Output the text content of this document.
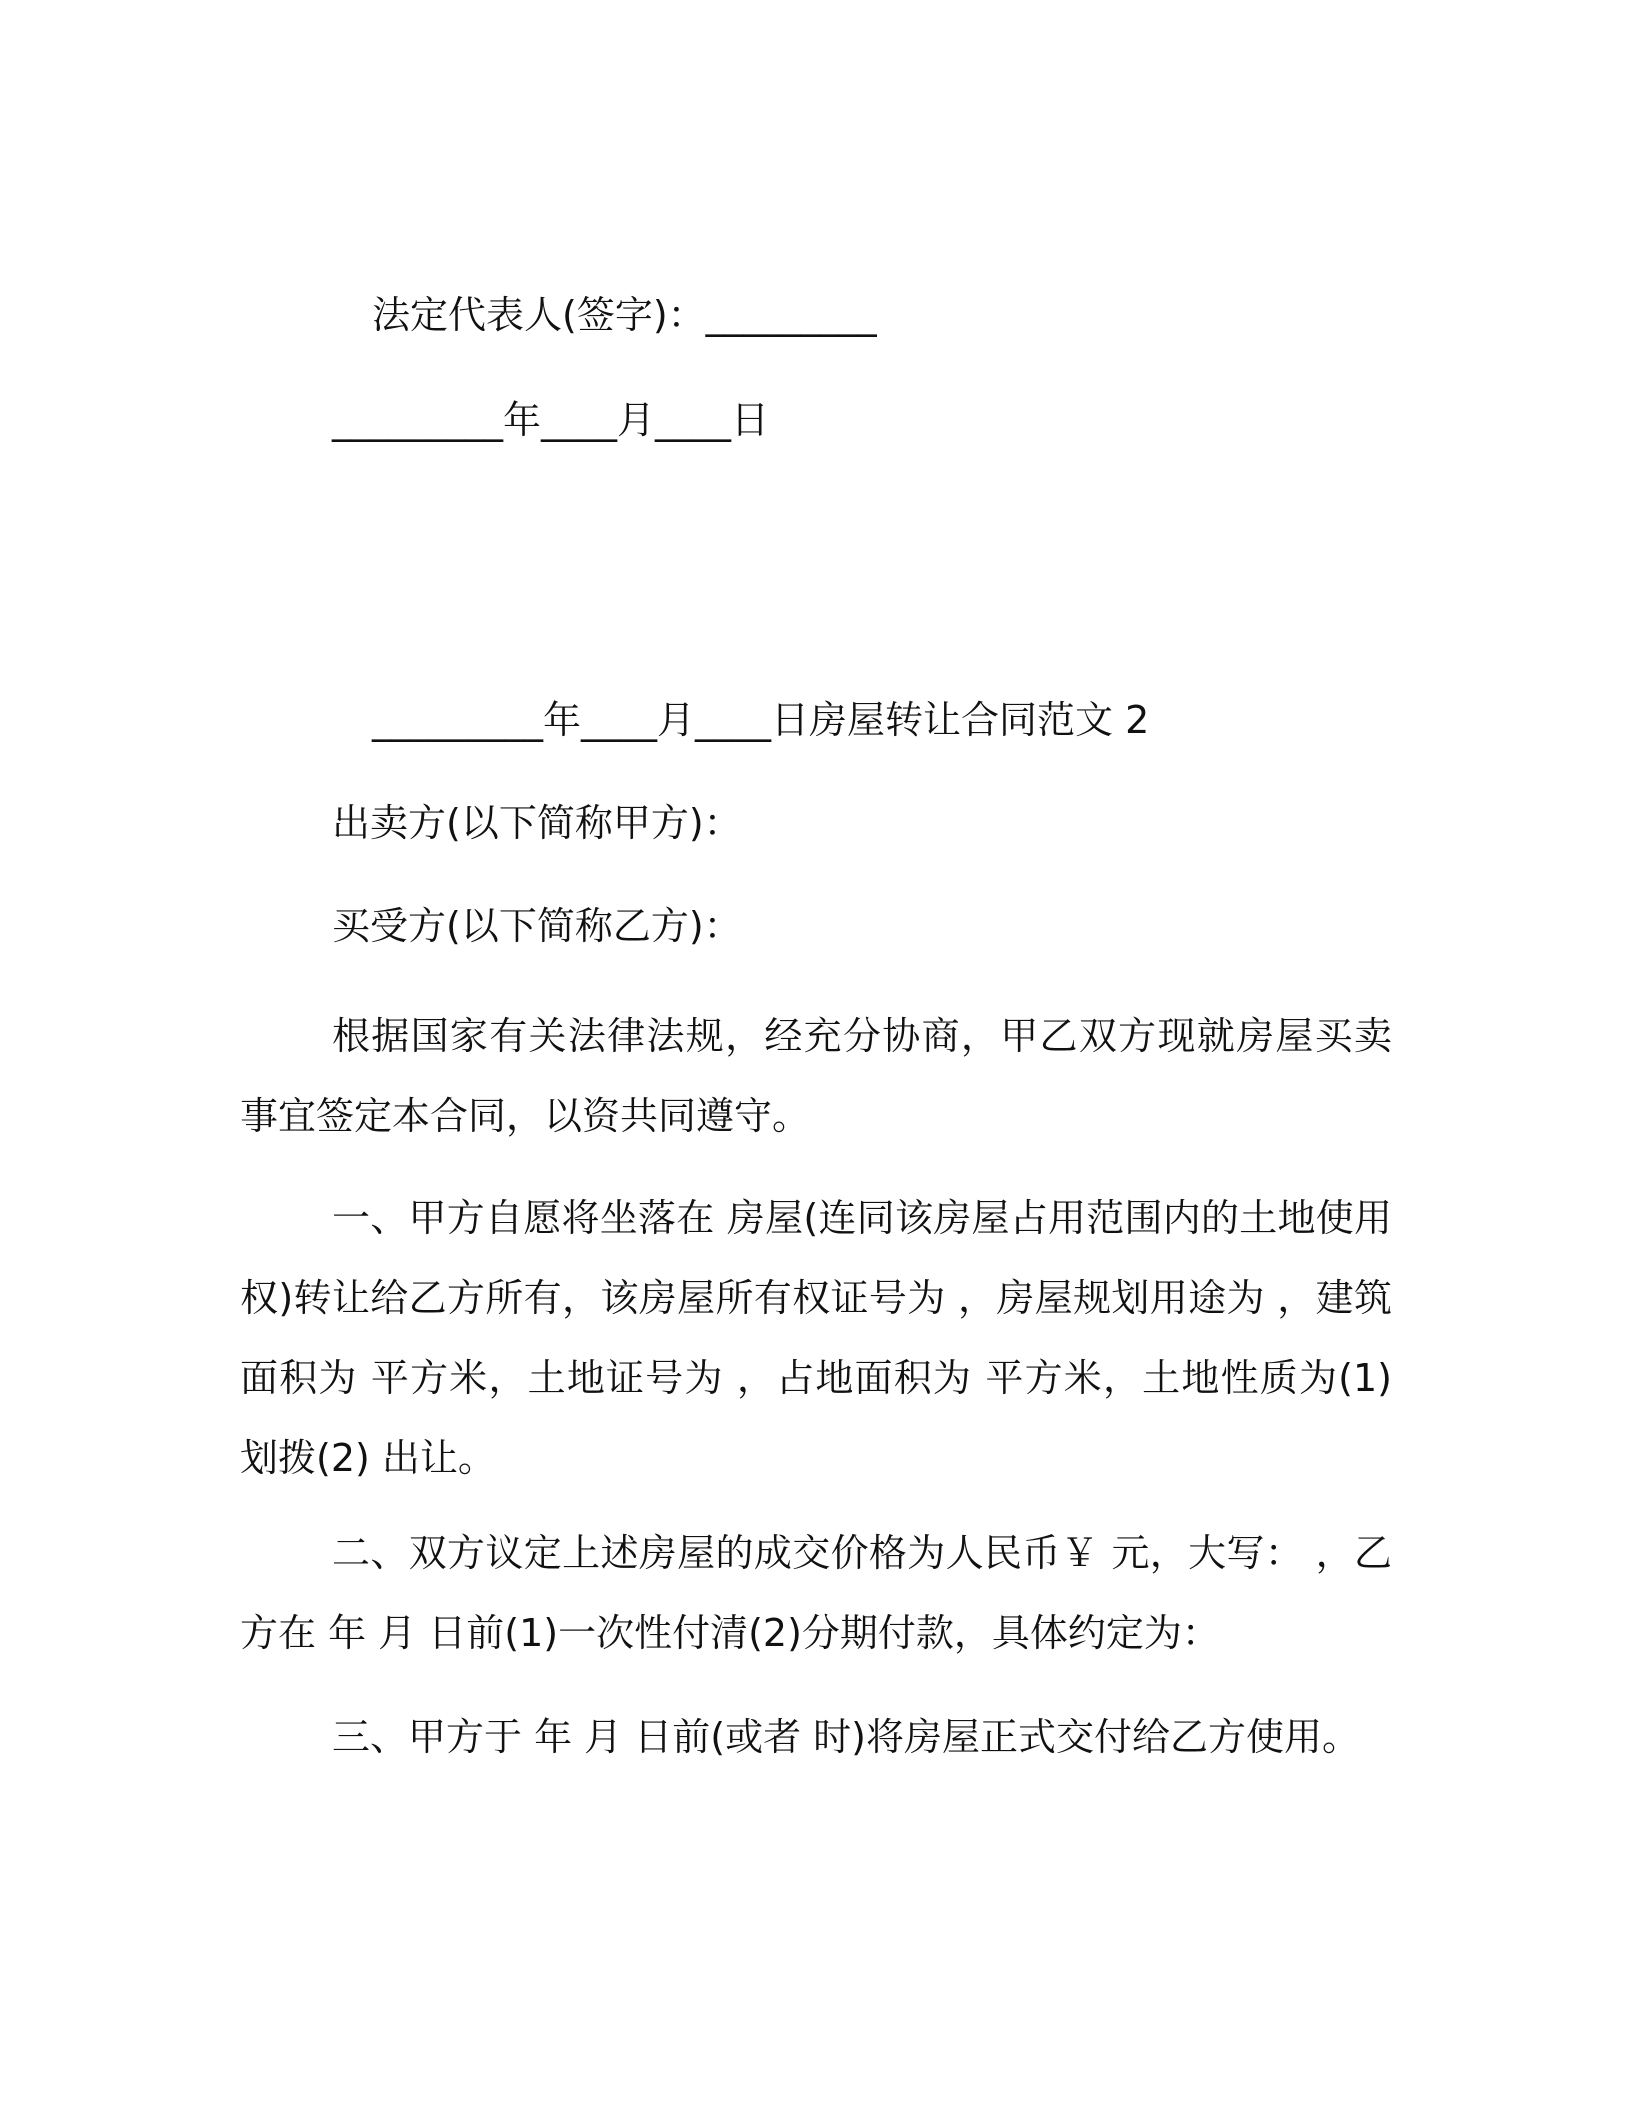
法定代表人(签字)：_________

_________年____月____日

_________年____月____日房屋转让合同范文 2

出卖方(以下简称甲方)：

买受方(以下简称乙方)：

根据国家有关法律法规，经充分协商，甲乙双方现就房屋买卖事宜签定本合同，以资共同遵守。

一、甲方自愿将坐落在 房屋(连同该房屋占用范围内的土地使用权)转让给乙方所有，该房屋所有权证号为 ，房屋规划用途为 ，建筑面积为 平方米，土地证号为 ，占地面积为 平方米，土地性质为(1)划拨(2) 出让。

二、双方议定上述房屋的成交价格为人民币￥ 元，大写： ，乙方在 年 月 日前(1)一次性付清(2)分期付款，具体约定为：

三、甲方于 年 月 日前(或者 时)将房屋正式交付给乙方使用。
